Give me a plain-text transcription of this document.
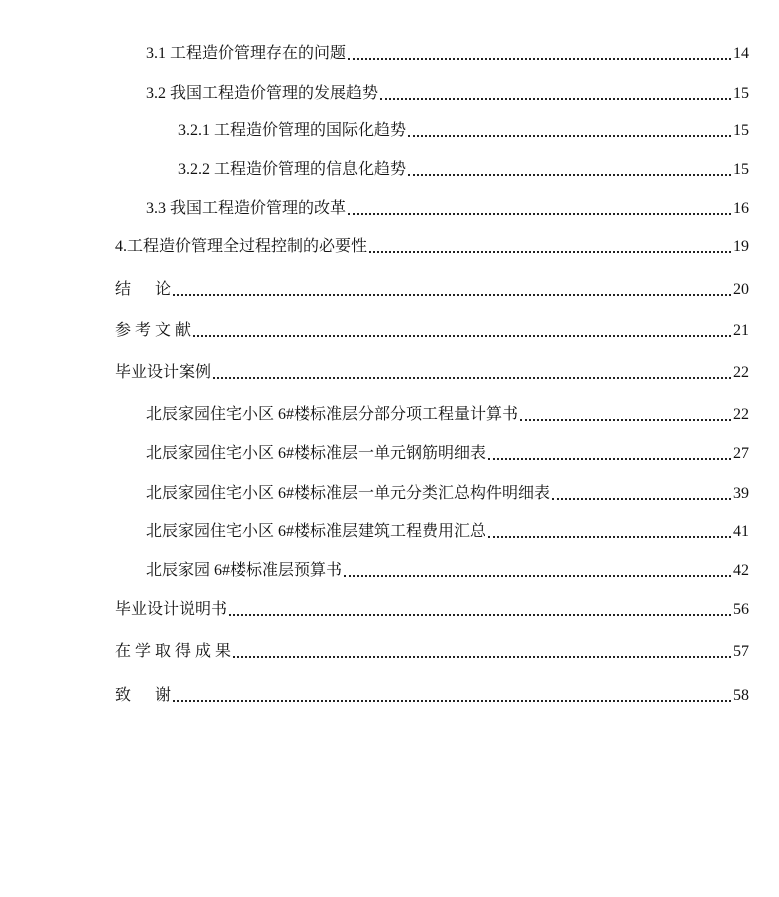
3.1 工程造价管理存在的问题	14
3.2 我国工程造价管理的发展趋势	15
3.2.1 工程造价管理的国际化趋势	15
3.2.2 工程造价管理的信息化趋势	15
3.3 我国工程造价管理的改革	16
4.工程造价管理全过程控制的必要性	19
结      论	20
参 考 文 献	21
毕业设计案例	22
北辰家园住宅小区 6#楼标准层分部分项工程量计算书	22
北辰家园住宅小区 6#楼标准层一单元钢筋明细表	27
北辰家园住宅小区 6#楼标准层一单元分类汇总构件明细表	39
北辰家园住宅小区 6#楼标准层建筑工程费用汇总	41
北辰家园 6#楼标准层预算书	42
毕业设计说明书	56
在 学 取 得 成 果	57
致      谢	58
